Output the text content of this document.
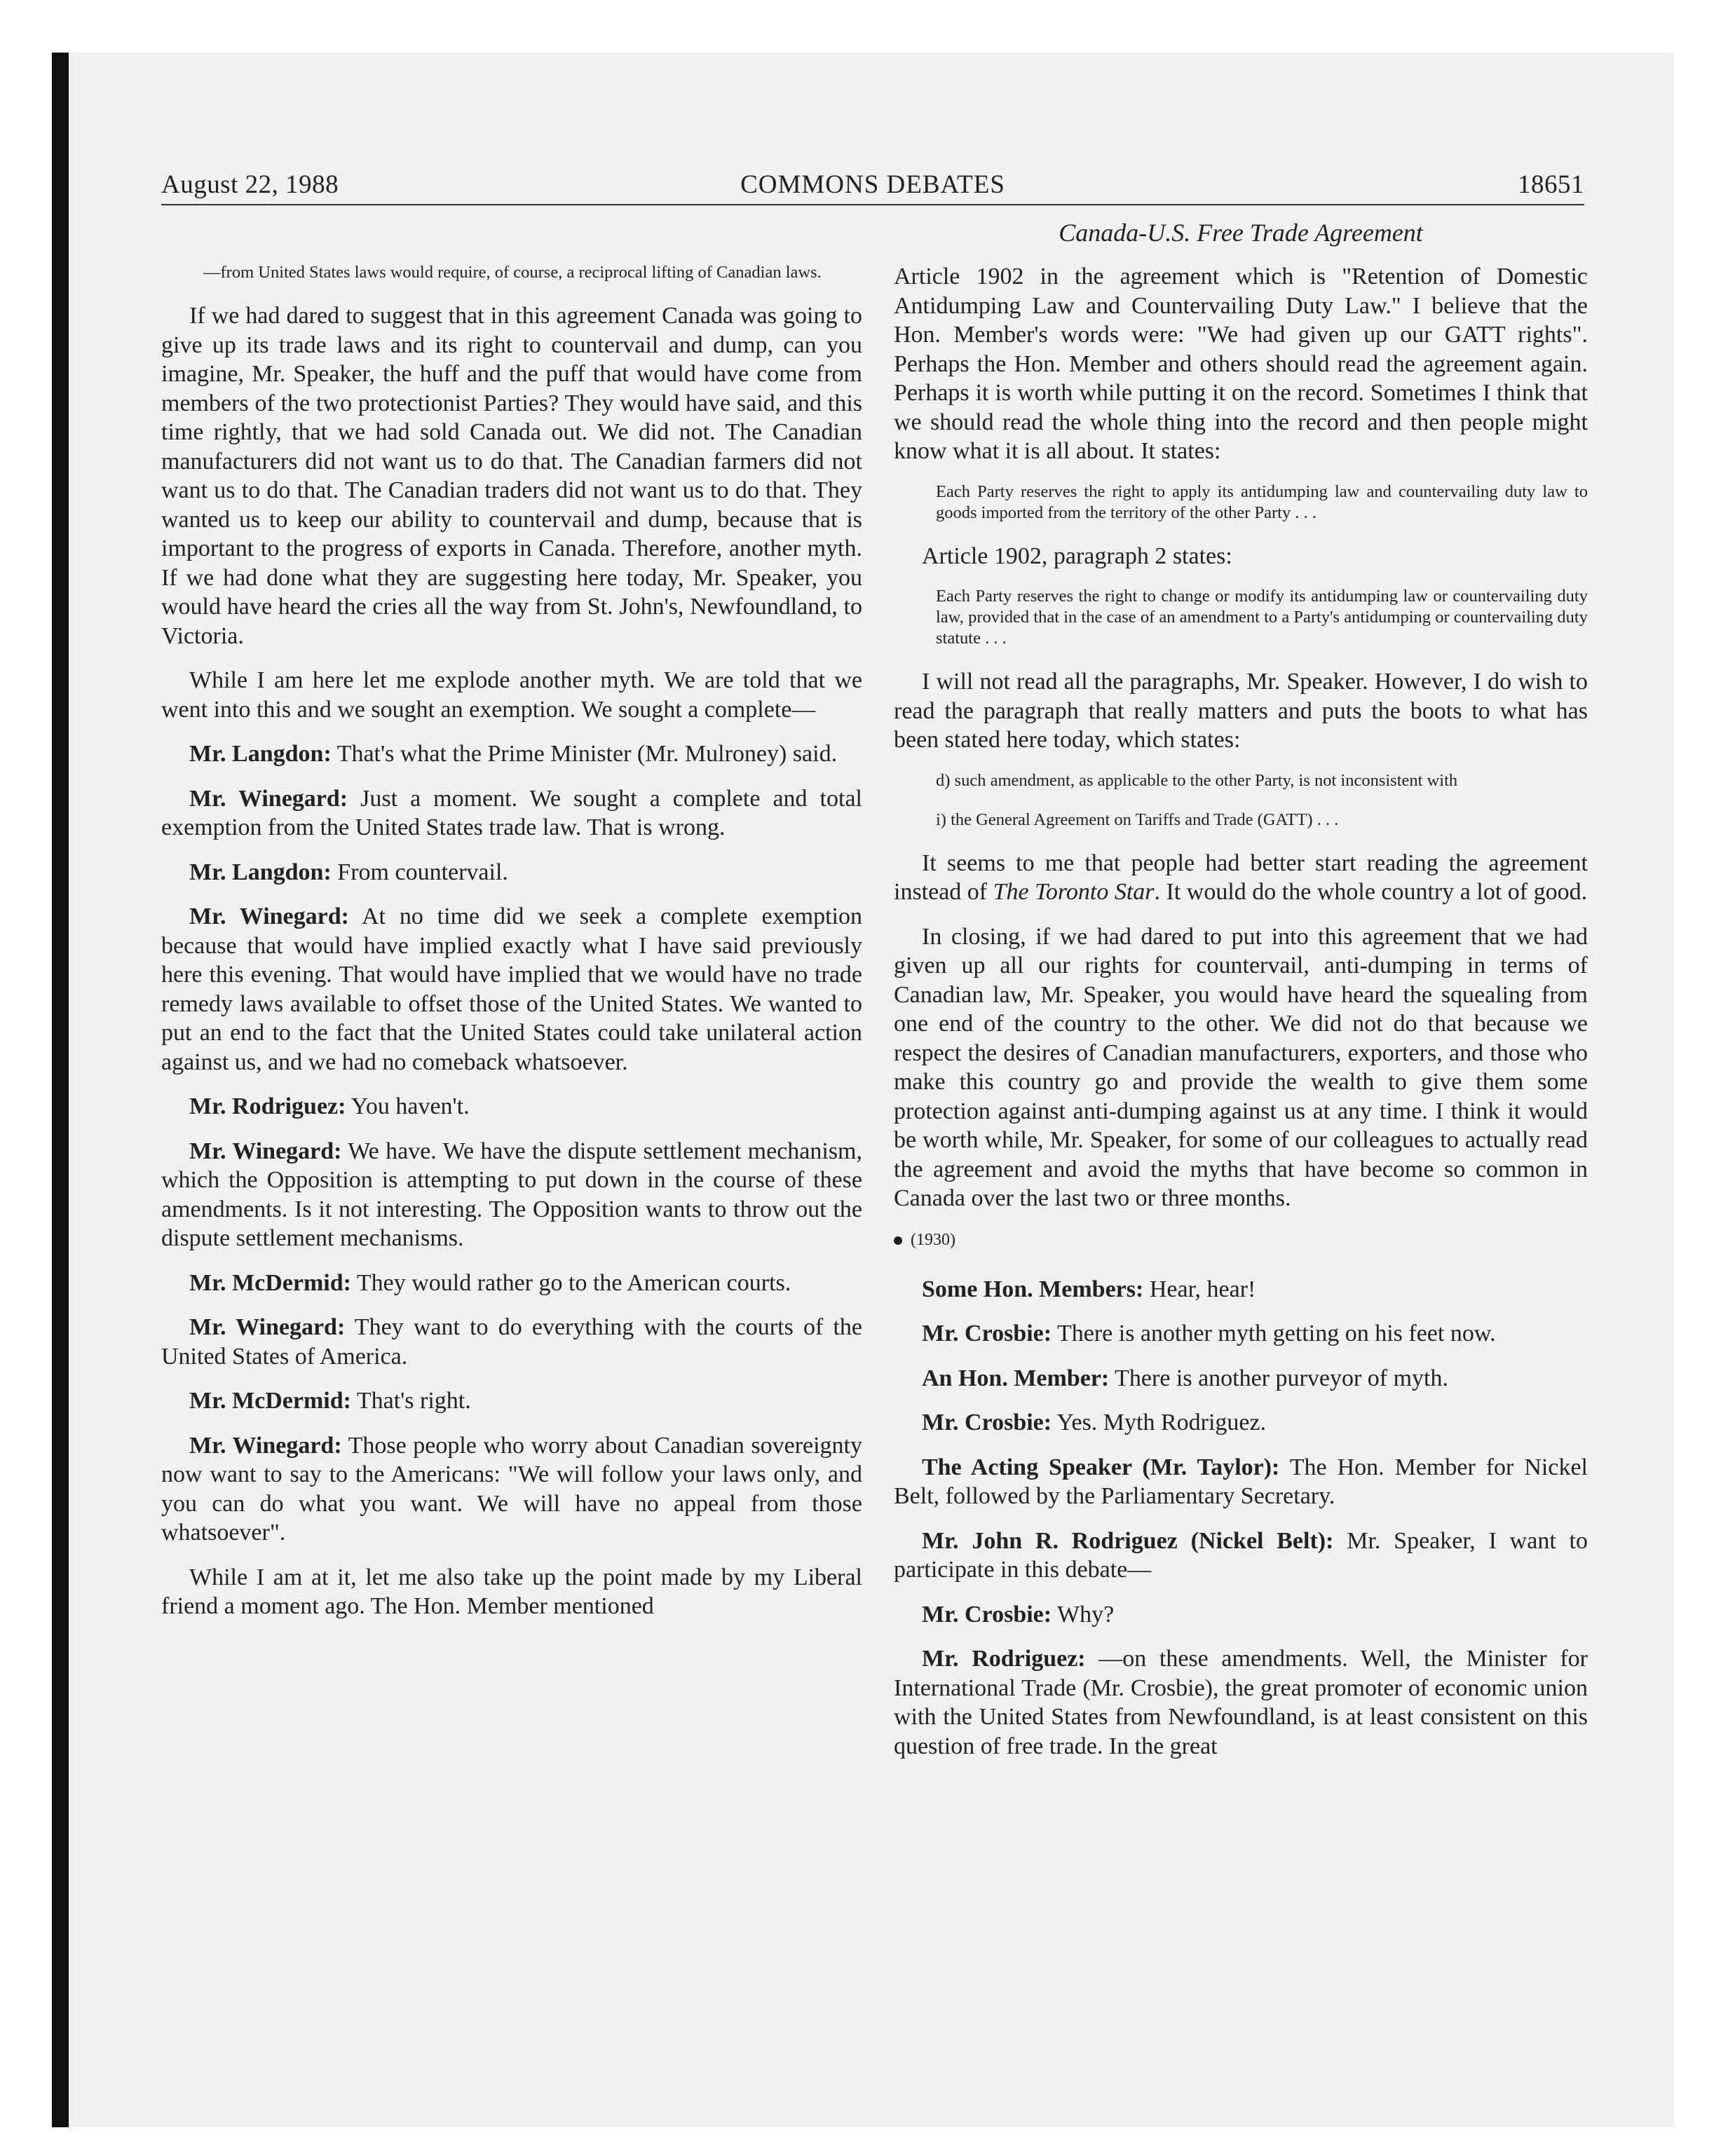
August 22, 1988	COMMONS DEBATES	18651

—from United States laws would require, of course, a reciprocal lifting of Canadian laws.

If we had dared to suggest that in this agreement Canada was going to give up its trade laws and its right to countervail and dump, can you imagine, Mr. Speaker, the huff and the puff that would have come from members of the two protectionist Parties? They would have said, and this time rightly, that we had sold Canada out. We did not. The Canadian manufacturers did not want us to do that. The Canadian farmers did not want us to do that. The Canadian traders did not want us to do that. They wanted us to keep our ability to countervail and dump, because that is important to the progress of exports in Canada. Therefore, another myth. If we had done what they are suggesting here today, Mr. Speaker, you would have heard the cries all the way from St. John's, Newfoundland, to Victoria.

While I am here let me explode another myth. We are told that we went into this and we sought an exemption. We sought a complete—

Mr. Langdon: That's what the Prime Minister (Mr. Mulroney) said.

Mr. Winegard: Just a moment. We sought a complete and total exemption from the United States trade law. That is wrong.

Mr. Langdon: From countervail.

Mr. Winegard: At no time did we seek a complete exemption because that would have implied exactly what I have said previously here this evening. That would have implied that we would have no trade remedy laws available to offset those of the United States. We wanted to put an end to the fact that the United States could take unilateral action against us, and we had no comeback whatsoever.

Mr. Rodriguez: You haven't.

Mr. Winegard: We have. We have the dispute settlement mechanism, which the Opposition is attempting to put down in the course of these amendments. Is it not interesting. The Opposition wants to throw out the dispute settlement mechanisms.

Mr. McDermid: They would rather go to the American courts.

Mr. Winegard: They want to do everything with the courts of the United States of America.

Mr. McDermid: That's right.

Mr. Winegard: Those people who worry about Canadian sovereignty now want to say to the Americans: "We will follow your laws only, and you can do what you want. We will have no appeal from those whatsoever".

While I am at it, let me also take up the point made by my Liberal friend a moment ago. The Hon. Member mentioned

Canada-U.S. Free Trade Agreement

Article 1902 in the agreement which is "Retention of Domestic Antidumping Law and Countervailing Duty Law." I believe that the Hon. Member's words were: "We had given up our GATT rights". Perhaps the Hon. Member and others should read the agreement again. Perhaps it is worth while putting it on the record. Sometimes I think that we should read the whole thing into the record and then people might know what it is all about. It states:

Each Party reserves the right to apply its antidumping law and countervailing duty law to goods imported from the territory of the other Party . . .

Article 1902, paragraph 2 states:

Each Party reserves the right to change or modify its antidumping law or countervailing duty law, provided that in the case of an amendment to a Party's antidumping or countervailing duty statute . . .

I will not read all the paragraphs, Mr. Speaker. However, I do wish to read the paragraph that really matters and puts the boots to what has been stated here today, which states:

d) such amendment, as applicable to the other Party, is not inconsistent with

i) the General Agreement on Tariffs and Trade (GATT) . . .

It seems to me that people had better start reading the agreement instead of The Toronto Star. It would do the whole country a lot of good.

In closing, if we had dared to put into this agreement that we had given up all our rights for countervail, anti-dumping in terms of Canadian law, Mr. Speaker, you would have heard the squealing from one end of the country to the other. We did not do that because we respect the desires of Canadian manufacturers, exporters, and those who make this country go and provide the wealth to give them some protection against anti-dumping against us at any time. I think it would be worth while, Mr. Speaker, for some of our colleagues to actually read the agreement and avoid the myths that have become so common in Canada over the last two or three months.

(1930)

Some Hon. Members: Hear, hear!

Mr. Crosbie: There is another myth getting on his feet now.

An Hon. Member: There is another purveyor of myth.

Mr. Crosbie: Yes. Myth Rodriguez.

The Acting Speaker (Mr. Taylor): The Hon. Member for Nickel Belt, followed by the Parliamentary Secretary.

Mr. John R. Rodriguez (Nickel Belt): Mr. Speaker, I want to participate in this debate—

Mr. Crosbie: Why?

Mr. Rodriguez: —on these amendments. Well, the Minister for International Trade (Mr. Crosbie), the great promoter of economic union with the United States from Newfoundland, is at least consistent on this question of free trade. In the great
